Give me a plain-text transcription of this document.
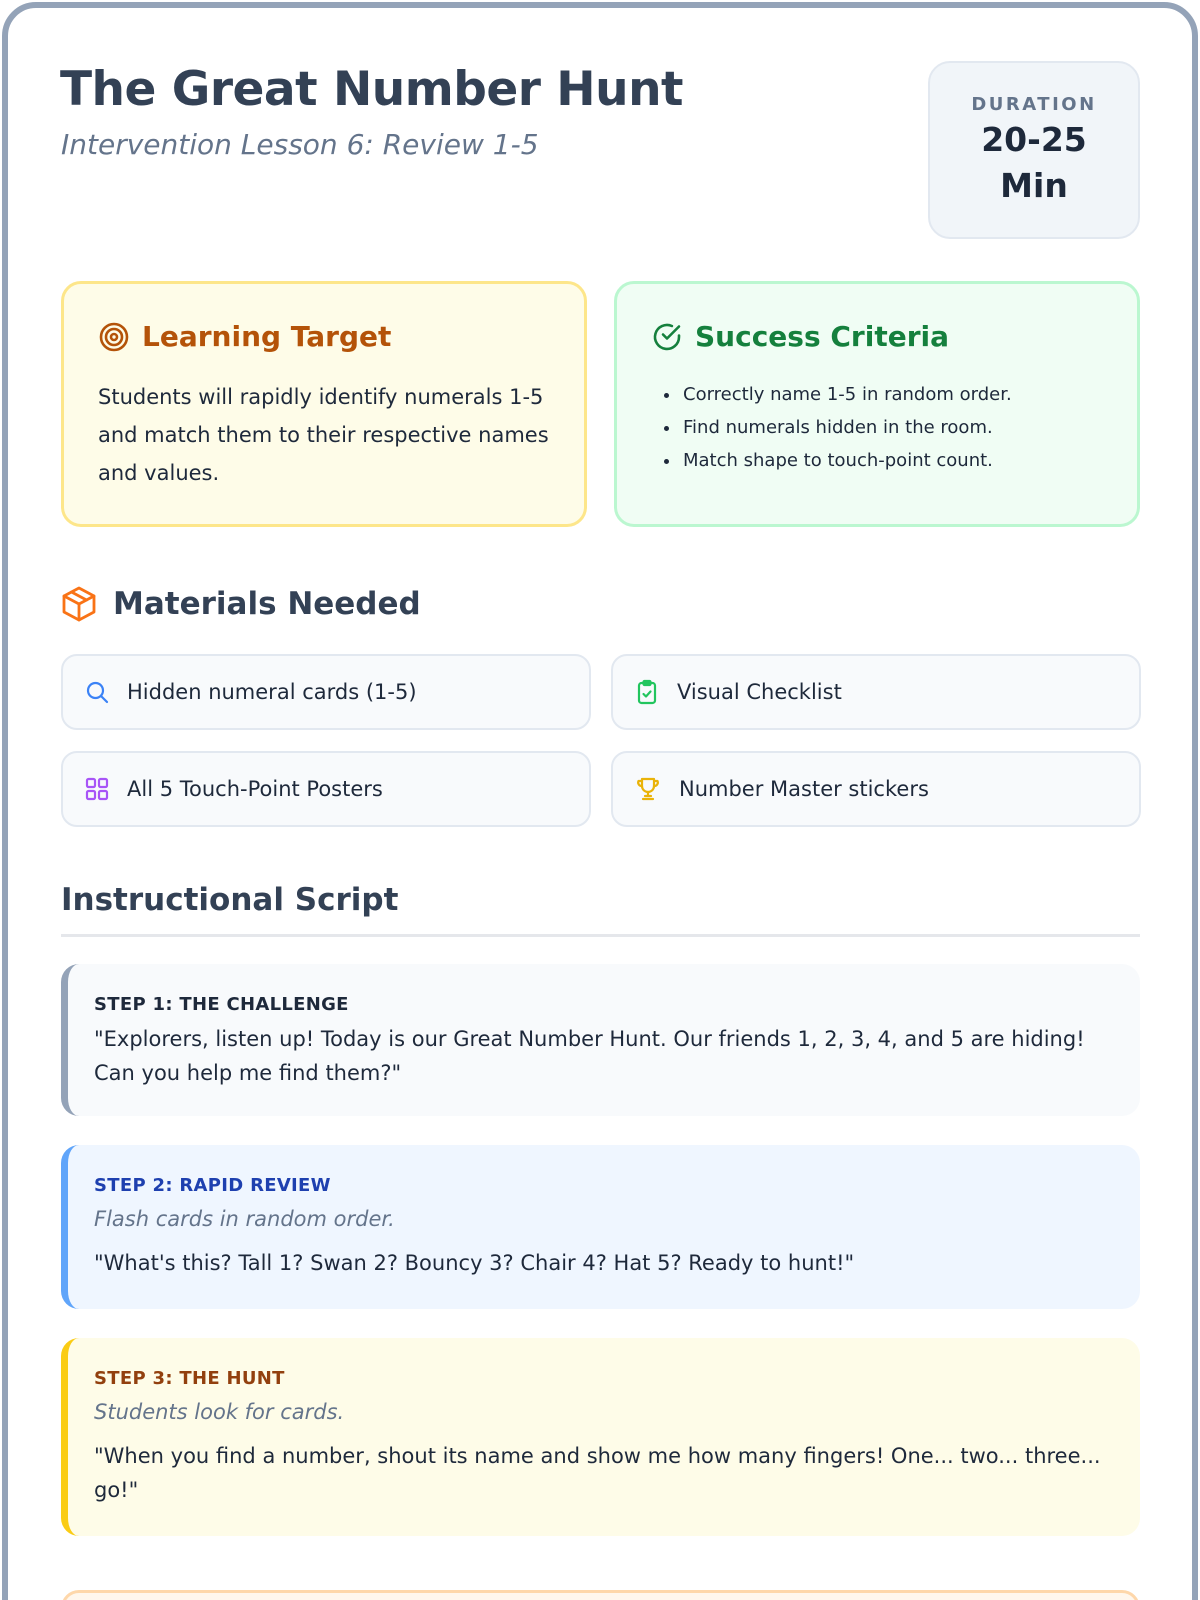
The Great Number Hunt
Intervention Lesson 6: Review 1-5
DURATION
20-25
Min
Learning Target

Students will rapidly identify numerals 1-5 and match them to their respective names and values.

Success Criteria
• Correctly name 1-5 in random order.
• Find numerals hidden in the room.
• Match shape to touch-point count.
Materials Needed
Hidden numeral cards (1-5)	Visual Checklist
All 5 Touch-Point Posters	Number Master stickers
Instructional Script
STEP 1: THE CHALLENGE
"Explorers, listen up! Today is our Great Number Hunt. Our friends 1, 2, 3, 4, and 5 are hiding! Can you help me find them?"
STEP 2: RAPID REVIEW
Flash cards in random order.
"What's this? Tall 1? Swan 2? Bouncy 3? Chair 4? Hat 5? Ready to hunt!"
STEP 3: THE HUNT
Students look for cards.
"When you find a number, shout its name and show me how many fingers! One... two... three... go!"
